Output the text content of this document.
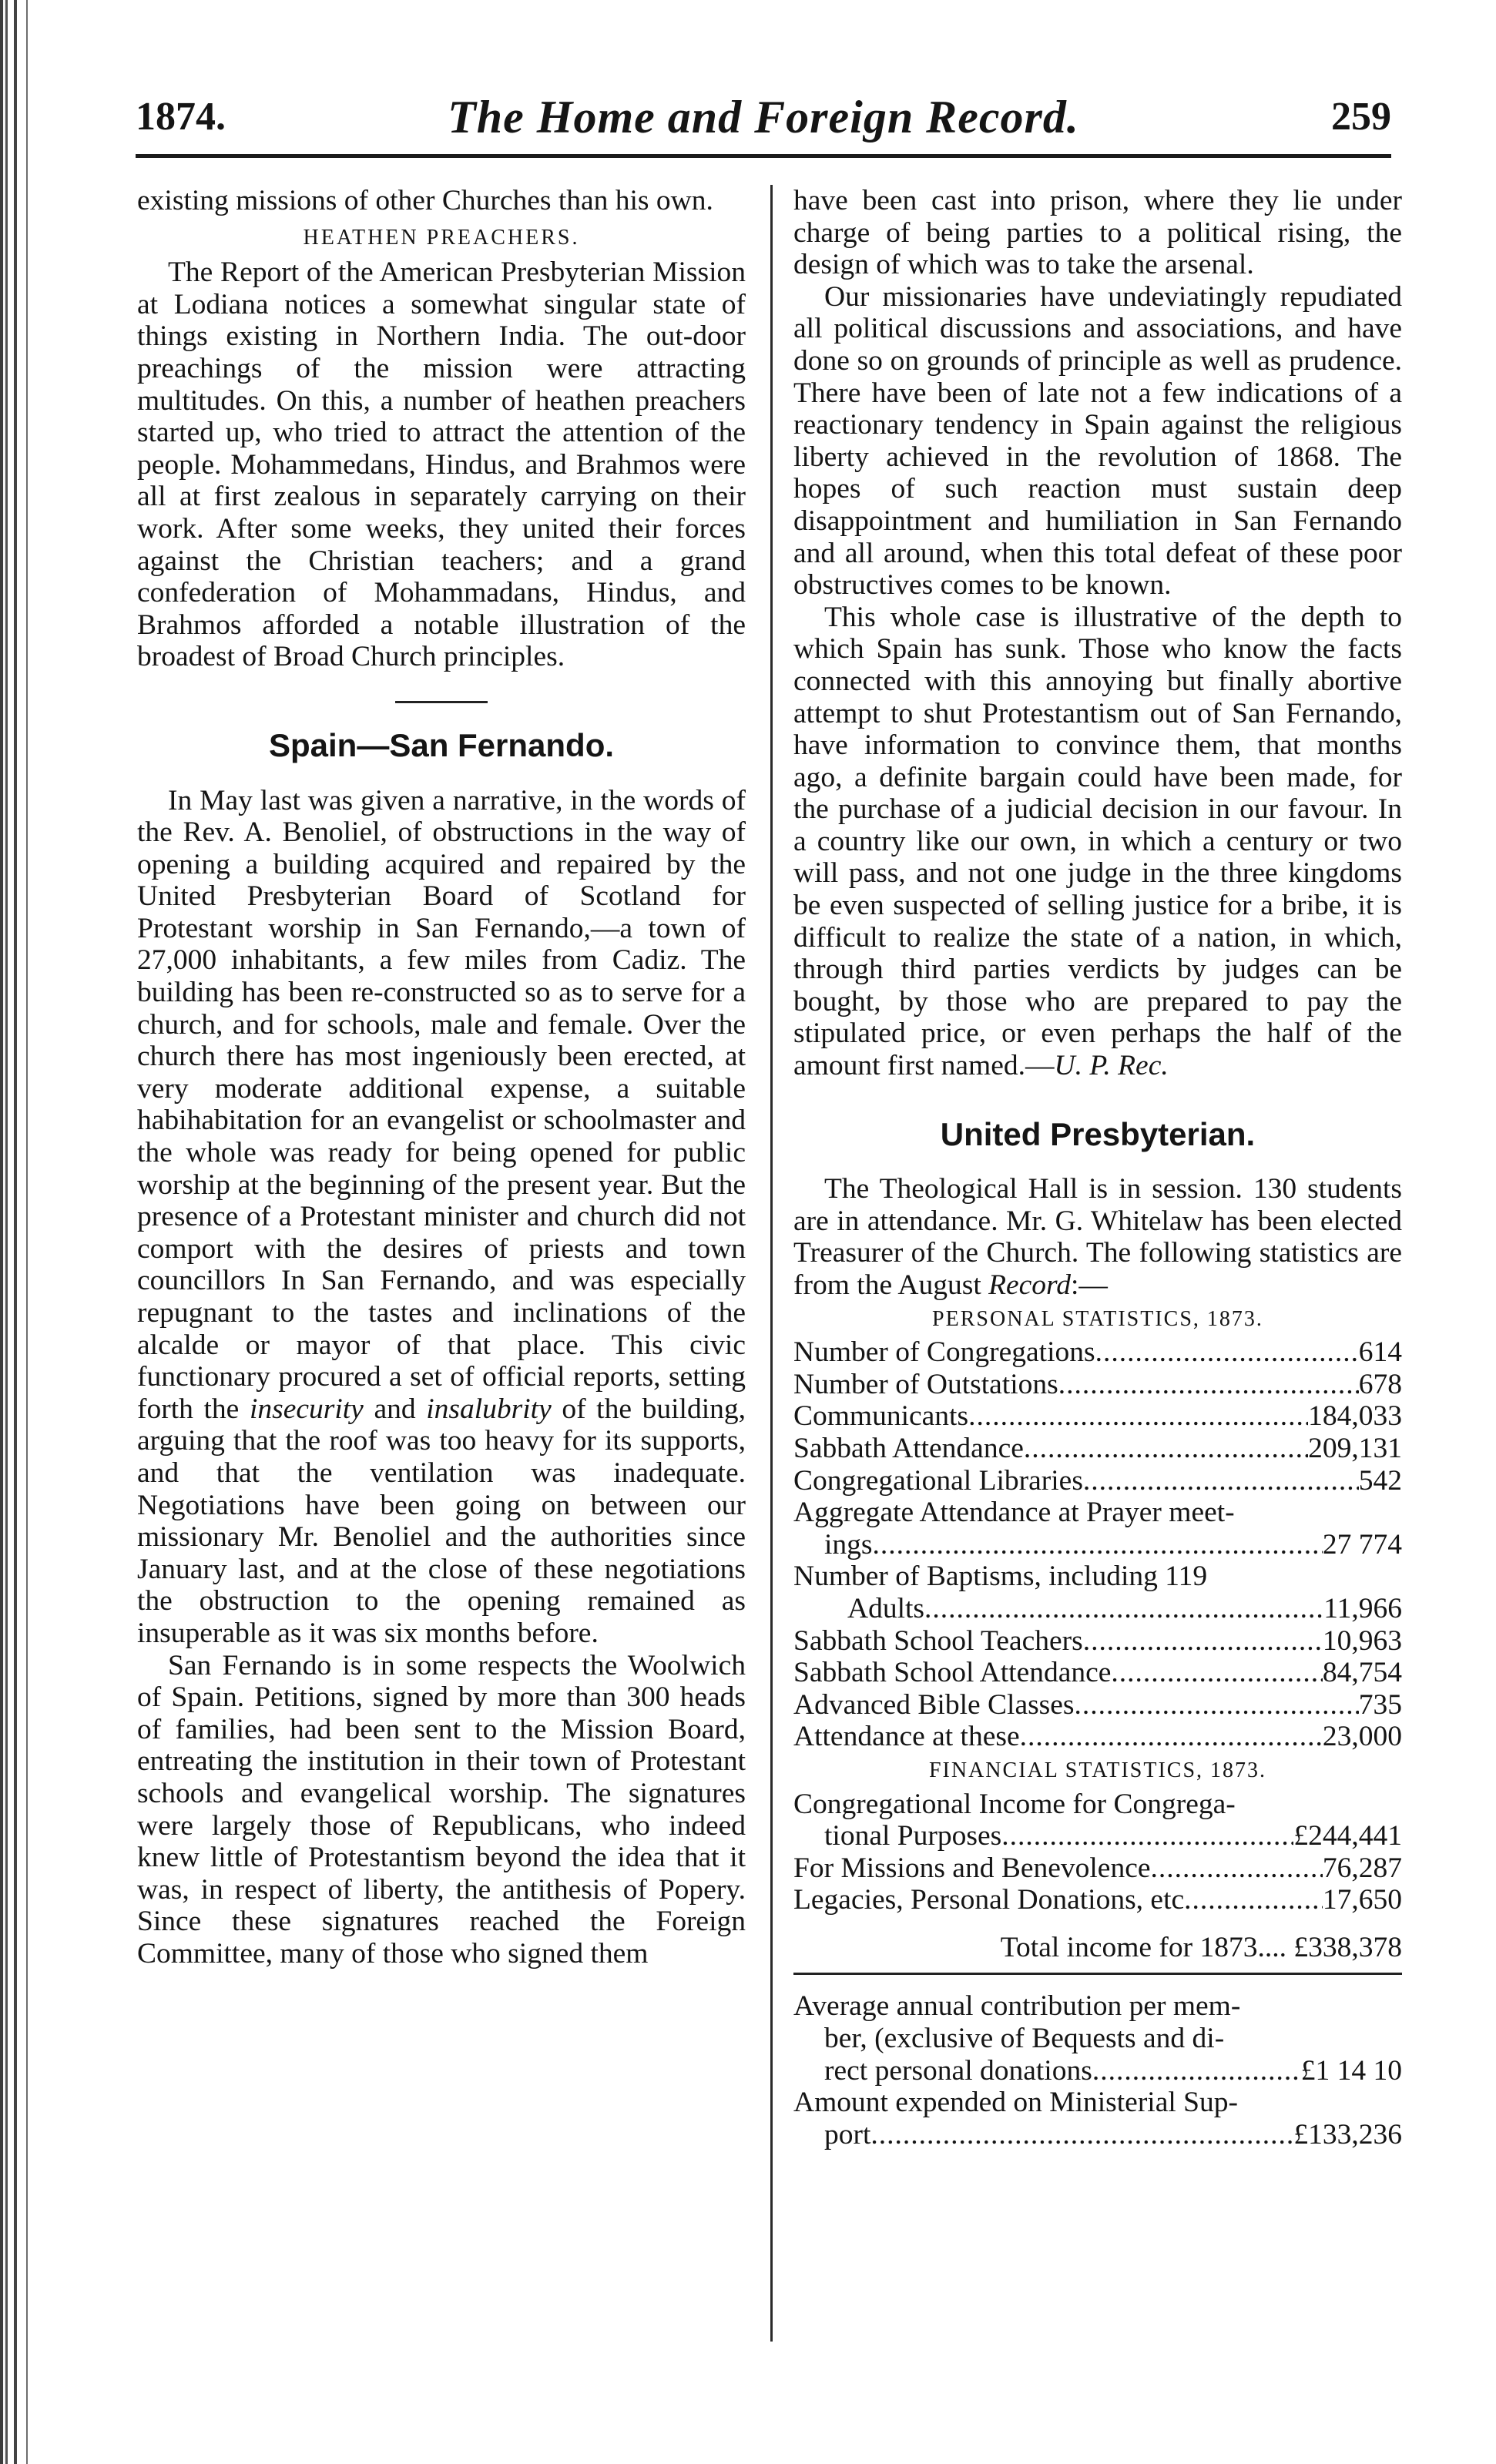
1874.	The Home and Foreign Record.	259

existing missions of other Churches than his own.

HEATHEN PREACHERS.

The Report of the American Presbyterian Mission at Lodiana notices a somewhat singular state of things existing in Northern India. The out-door preachings of the mission were attracting multitudes. On this, a number of heathen preachers started up, who tried to attract the attention of the people. Mohammedans, Hindus, and Brahmos were all at first zealous in separately carrying on their work. After some weeks, they united their forces against the Christian teachers; and a grand confederation of Mohammadans, Hindus, and Brahmos afforded a notable illustration of the broadest of Broad Church principles.

Spain—San Fernando.

In May last was given a narrative, in the words of the Rev. A. Benoliel, of obstructions in the way of opening a building acquired and repaired by the United Presbyterian Board of Scotland for Protestant worship in San Fernando,—a town of 27,000 inhabitants, a few miles from Cadiz. The building has been re-constructed so as to serve for a church, and for schools, male and female. Over the church there has most ingeniously been erected, at very moderate additional expense, a suitable habihabitation for an evangelist or schoolmaster and the whole was ready for being opened for public worship at the beginning of the present year. But the presence of a Protestant minister and church did not comport with the desires of priests and town councillors In San Fernando, and was especially repugnant to the tastes and inclinations of the alcalde or mayor of that place. This civic functionary procured a set of official reports, setting forth the insecurity and insalubrity of the building, arguing that the roof was too heavy for its supports, and that the ventilation was inadequate. Negotiations have been going on between our missionary Mr. Benoliel and the authorities since January last, and at the close of these negotiations the obstruction to the opening remained as insuperable as it was six months before.

San Fernando is in some respects the Woolwich of Spain. Petitions, signed by more than 300 heads of families, had been sent to the Mission Board, entreating the institution in their town of Protestant schools and evangelical worship. The signatures were largely those of Republicans, who indeed knew little of Protestantism beyond the idea that it was, in respect of liberty, the antithesis of Popery. Since these signatures reached the Foreign Committee, many of those who signed them

have been cast into prison, where they lie under charge of being parties to a political rising, the design of which was to take the arsenal.

Our missionaries have undeviatingly repudiated all political discussions and associations, and have done so on grounds of principle as well as prudence. There have been of late not a few indications of a reactionary tendency in Spain against the religious liberty achieved in the revolution of 1868. The hopes of such reaction must sustain deep disappointment and humiliation in San Fernando and all around, when this total defeat of these poor obstructives comes to be known.

This whole case is illustrative of the depth to which Spain has sunk. Those who know the facts connected with this annoying but finally abortive attempt to shut Protestantism out of San Fernando, have information to convince them, that months ago, a definite bargain could have been made, for the purchase of a judicial decision in our favour. In a country like our own, in which a century or two will pass, and not one judge in the three kingdoms be even suspected of selling justice for a bribe, it is difficult to realize the state of a nation, in which, through third parties verdicts by judges can be bought, by those who are prepared to pay the stipulated price, or even perhaps the half of the amount first named.—U. P. Rec.

United Presbyterian.

The Theological Hall is in session. 130 students are in attendance. Mr. G. Whitelaw has been elected Treasurer of the Church. The following statistics are from the August Record:—

PERSONAL STATISTICS, 1873.
Number of Congregations .....	614
Number of Outstations .....	678
Communicants .....	184,033
Sabbath Attendance .....	209,131
Congregational Libraries .....	542
Aggregate Attendance at Prayer meet-
ings .....	27 774
Number of Baptisms, including 119
Adults .....	11,966
Sabbath School Teachers .....	10,963
Sabbath School Attendance .....	84,754
Advanced Bible Classes .....	735
Attendance at these .....	23,000
FINANCIAL STATISTICS, 1873.
Congregational Income for Congrega-
tional Purposes .....	£244,441
For Missions and Benevolence .....	76,287
Legacies, Personal Donations, etc .....	17,650
Total income for 1873.... £338,378
Average annual contribution per mem-
ber, (exclusive of Bequests and di-
rect personal donations .....	£1 14 10
Amount expended on Ministerial Sup-
port .....	£133,236
